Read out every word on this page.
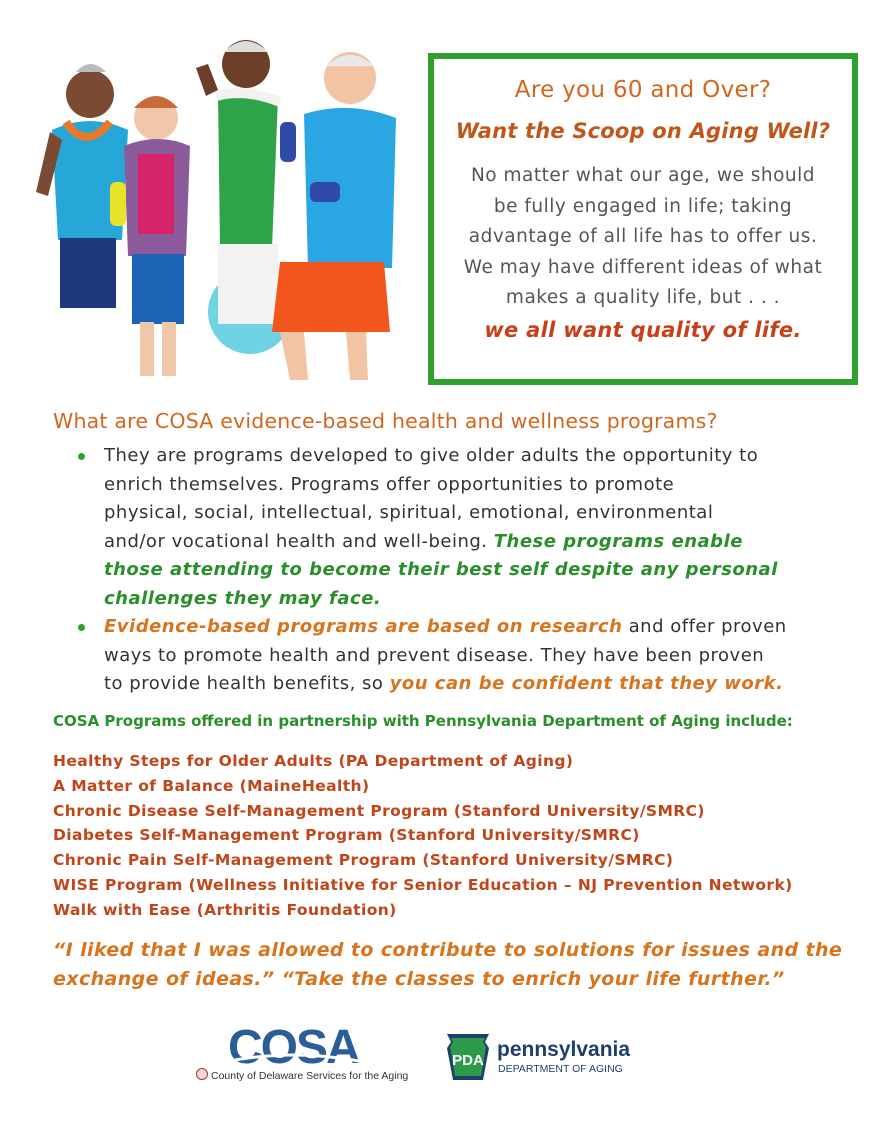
Are you 60 and Over?
Want the Scoop on Aging Well?
No matter what our age, we should
be fully engaged in life; taking
advantage of all life has to offer us.
We may have different ideas of what
makes a quality life, but . . .
we all want quality of life.
What are COSA evidence-based health and wellness programs?
They are programs developed to give older adults the opportunity to
enrich themselves. Programs offer opportunities to promote
physical, social, intellectual, spiritual, emotional, environmental
and/or vocational health and well-being. These programs enable
those attending to become their best self despite any personal
challenges they may face.
Evidence-based programs are based on research and offer proven
ways to promote health and prevent disease. They have been proven
to provide health benefits, so you can be confident that they work.
COSA Programs offered in partnership with Pennsylvania Department of Aging include:
Healthy Steps for Older Adults (PA Department of Aging)
A Matter of Balance (MaineHealth)
Chronic Disease Self-Management Program (Stanford University/SMRC)
Diabetes Self-Management Program (Stanford University/SMRC)
Chronic Pain Self-Management Program (Stanford University/SMRC)
WISE Program (Wellness Initiative for Senior Education – NJ Prevention Network)
Walk with Ease (Arthritis Foundation)
“I liked that I was allowed to contribute to solutions for issues and the
exchange of ideas.” “Take the classes to enrich your life further.”
COSA
County of Delaware Services for the Aging
PDA pennsylvania
DEPARTMENT OF AGING
